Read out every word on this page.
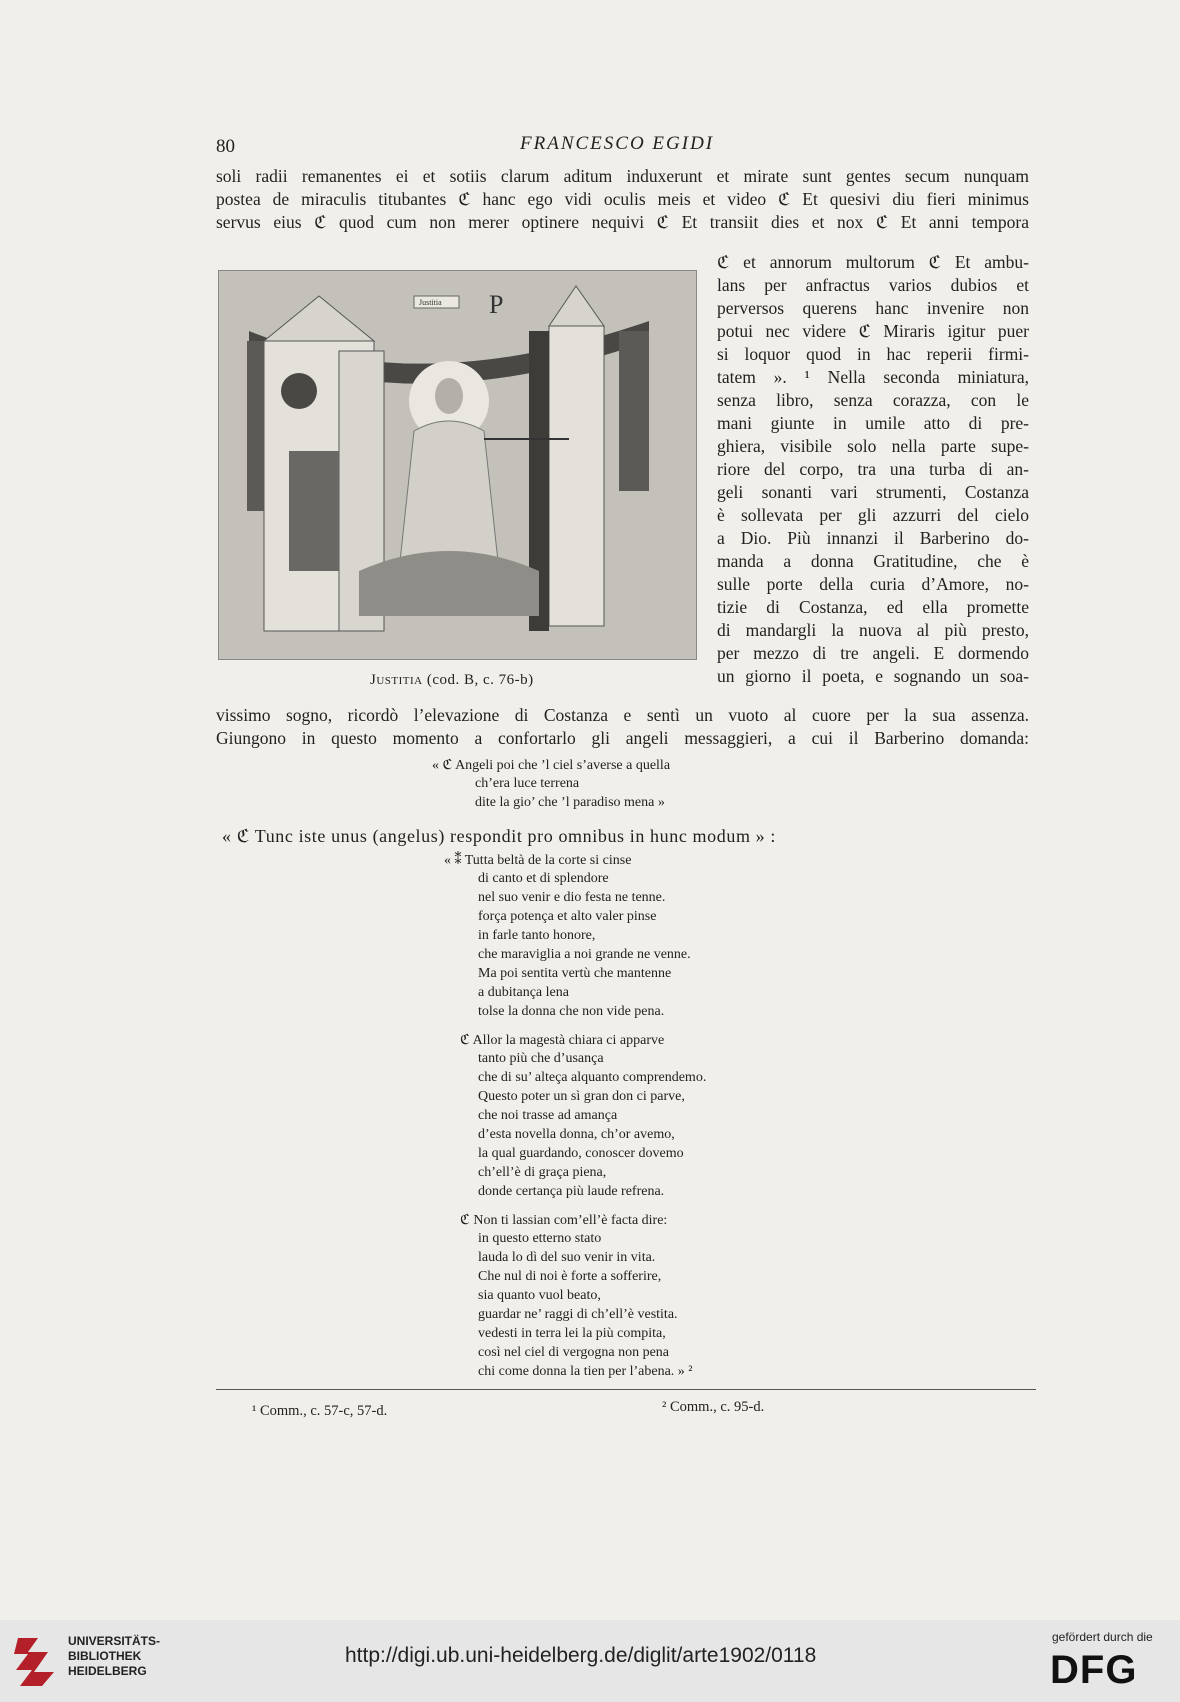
80	FRANCESCO EGIDI

soli radii remanentes ei et sotiis clarum aditum induxerunt et mirate sunt gentes secum nunquam

postea de miraculis titubantes ℭ hanc ego vidi oculis meis et video ℭ Et quesivi diu fieri minimus

servus eius ℭ quod cum non merer optinere nequivi ℭ Et transiit dies et nox ℭ Et anni tempora

Justitia P

Justitia (cod. B, c. 76-b)

ℭ et annorum multorum ℭ Et ambu-

lans per anfractus varios dubios et

perversos querens hanc invenire non

potui nec videre ℭ Miraris igitur puer

si loquor quod in hac reperii firmi-

tatem ». ¹ Nella seconda miniatura,

senza libro, senza corazza, con le

mani giunte in umile atto di pre-

ghiera, visibile solo nella parte supe-

riore del corpo, tra una turba di an-

geli sonanti vari strumenti, Costanza

è sollevata per gli azzurri del cielo

a Dio. Più innanzi il Barberino do-

manda a donna Gratitudine, che è

sulle porte della curia d’Amore, no-

tizie di Costanza, ed ella promette

di mandargli la nuova al più presto,

per mezzo di tre angeli. E dormendo

un giorno il poeta, e sognando un soa-

vissimo sogno, ricordò l’elevazione di Costanza e sentì un vuoto al cuore per la sua assenza.

Giungono in questo momento a confortarlo gli angeli messaggieri, a cui il Barberino domanda:

« ℭ Angeli poi che ’l ciel s’averse a quella

ch’era luce terrena

dite la gio’ che ’l paradiso mena »

« ℭ Tunc iste unus (angelus) respondit pro omnibus in hunc modum » :

« ⁑ Tutta beltà de la corte si cinse

di canto et di splendore

nel suo venir e dio festa ne tenne.

força potença et alto valer pinse

in farle tanto honore,

che maraviglia a noi grande ne venne.

Ma poi sentita vertù che mantenne

a dubitança lena

tolse la donna che non vide pena.

ℭ Allor la magestà chiara ci apparve

tanto più che d’usança

che di su’ alteça alquanto comprendemo.

Questo poter un sì gran don ci parve,

che noi trasse ad amança

d’esta novella donna, ch’or avemo,

la qual guardando, conoscer dovemo

ch’ell’è di graça piena,

donde certança più laude refrena.

ℭ Non ti lassian com’ell’è facta dire:

in questo etterno stato

lauda lo dì del suo venir in vita.

Che nul di noi è forte a sofferire,

sia quanto vuol beato,

guardar ne’ raggi di ch’ell’è vestita.

vedesti in terra lei la più compita,

così nel ciel di vergogna non pena

chi come donna la tien per l’abena. » ²

¹ Comm., c. 57-c, 57-d.	² Comm., c. 95-d.

UNIVERSITÄTS-
BIBLIOTHEK
HEIDELBERG
http://digi.ub.uni-heidelberg.de/diglit/arte1902/0118
gefördert durch die
DFG
